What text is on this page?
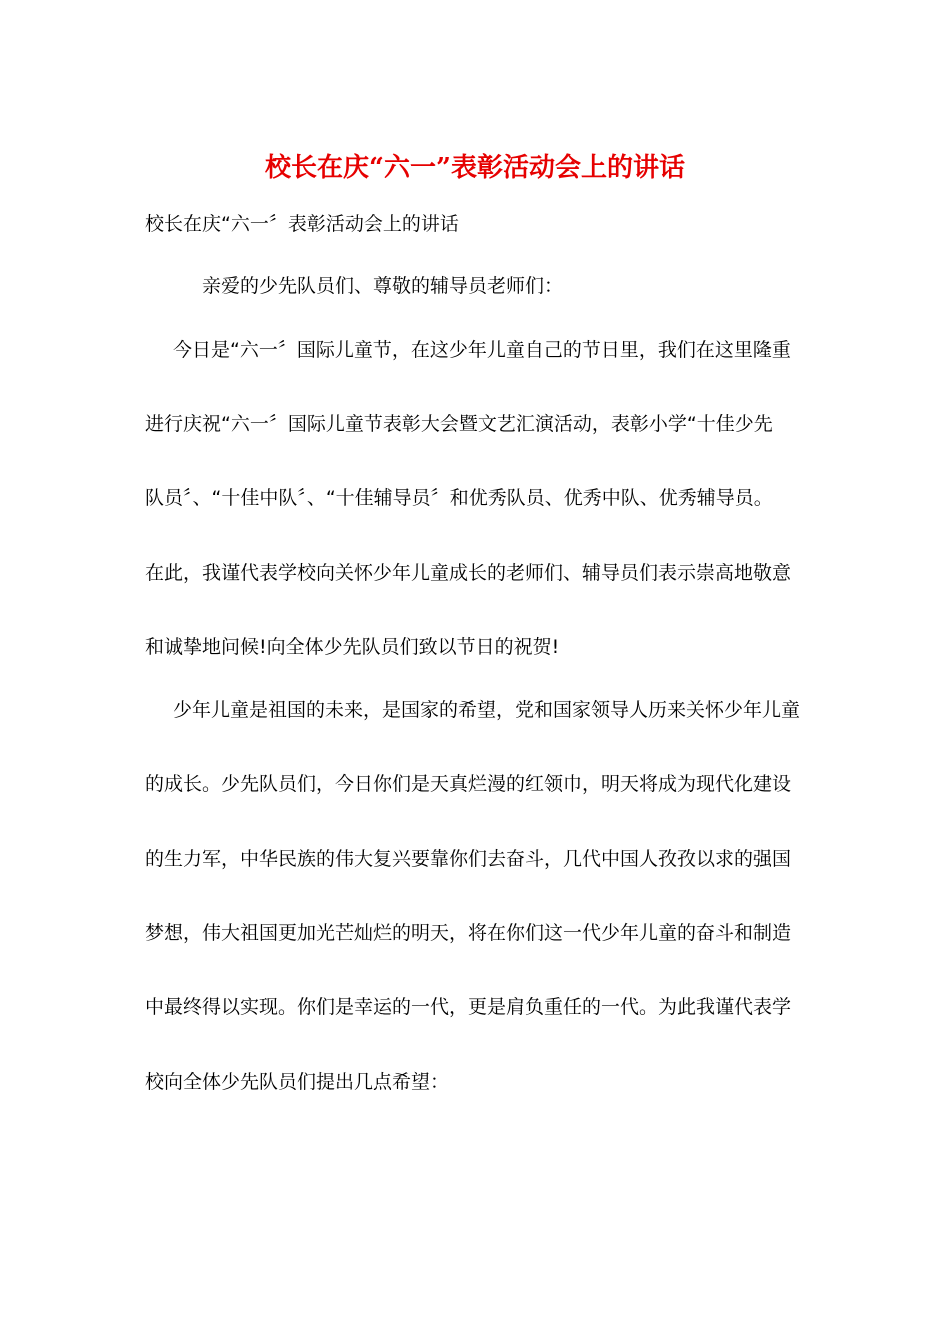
校长在庆“六一”表彰活动会上的讲话
校长在庆“六一〞表彰活动会上的讲话
亲爱的少先队员们、尊敬的辅导员老师们：
今日是“六一〞国际儿童节，在这少年儿童自己的节日里，我们在这里隆重
进行庆祝“六一〞国际儿童节表彰大会暨文艺汇演活动，表彰小学“十佳少先
队员〞、“十佳中队〞、“十佳辅导员〞和优秀队员、优秀中队、优秀辅导员。
在此，我谨代表学校向关怀少年儿童成长的老师们、辅导员们表示崇高地敬意
和诚挚地问候!向全体少先队员们致以节日的祝贺!
少年儿童是祖国的未来，是国家的希望，党和国家领导人历来关怀少年儿童
的成长。少先队员们，今日你们是天真烂漫的红领巾，明天将成为现代化建设
的生力军，中华民族的伟大复兴要靠你们去奋斗，几代中国人孜孜以求的强国
梦想，伟大祖国更加光芒灿烂的明天，将在你们这一代少年儿童的奋斗和制造
中最终得以实现。你们是幸运的一代，更是肩负重任的一代。为此我谨代表学
校向全体少先队员们提出几点希望：
